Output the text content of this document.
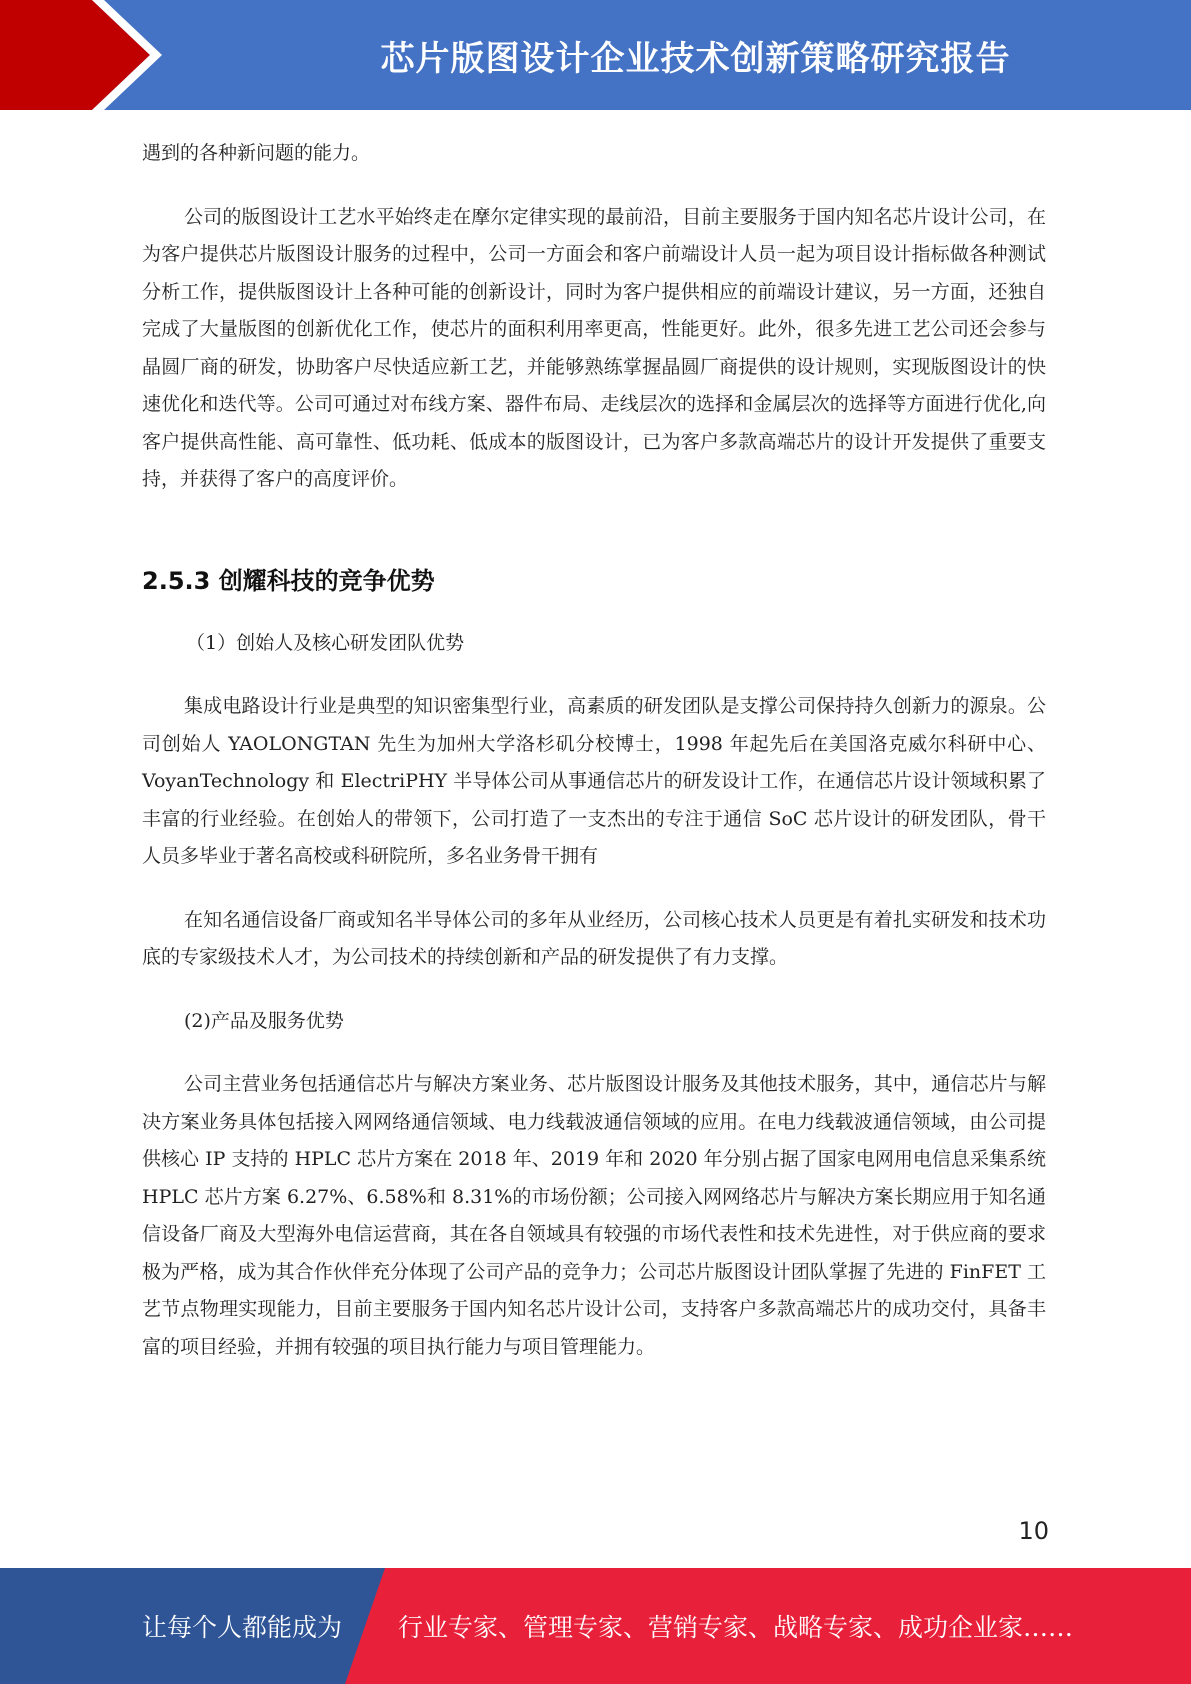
芯片版图设计企业技术创新策略研究报告

遇到的各种新问题的能力。

公司的版图设计工艺水平始终走在摩尔定律实现的最前沿，目前主要服务于国内知名芯片设计公司，在为客户提供芯片版图设计服务的过程中，公司一方面会和客户前端设计人员一起为项目设计指标做各种测试分析工作，提供版图设计上各种可能的创新设计，同时为客户提供相应的前端设计建议，另一方面，还独自完成了大量版图的创新优化工作，使芯片的面积利用率更高，性能更好。此外，很多先进工艺公司还会参与晶圆厂商的研发，协助客户尽快适应新工艺，并能够熟练掌握晶圆厂商提供的设计规则，实现版图设计的快速优化和迭代等。公司可通过对布线方案、器件布局、走线层次的选择和金属层次的选择等方面进行优化,向客户提供高性能、高可靠性、低功耗、低成本的版图设计，已为客户多款高端芯片的设计开发提供了重要支持，并获得了客户的高度评价。

2.5.3 创耀科技的竞争优势

（1）创始人及核心研发团队优势

集成电路设计行业是典型的知识密集型行业，高素质的研发团队是支撑公司保持持久创新力的源泉。公司创始人 YAOLONGTAN 先生为加州大学洛杉矶分校博士，1998 年起先后在美国洛克威尔科研中心、VoyanTechnology 和 ElectriPHY 半导体公司从事通信芯片的研发设计工作，在通信芯片设计领域积累了丰富的行业经验。在创始人的带领下，公司打造了一支杰出的专注于通信 SoC 芯片设计的研发团队，骨干人员多毕业于著名高校或科研院所，多名业务骨干拥有

在知名通信设备厂商或知名半导体公司的多年从业经历，公司核心技术人员更是有着扎实研发和技术功底的专家级技术人才，为公司技术的持续创新和产品的研发提供了有力支撑。

(2)产品及服务优势

公司主营业务包括通信芯片与解决方案业务、芯片版图设计服务及其他技术服务，其中，通信芯片与解决方案业务具体包括接入网网络通信领域、电力线载波通信领域的应用。在电力线载波通信领域，由公司提供核心 IP 支持的 HPLC 芯片方案在 2018 年、2019 年和 2020 年分别占据了国家电网用电信息采集系统 HPLC 芯片方案 6.27%、6.58%和 8.31%的市场份额；公司接入网网络芯片与解决方案长期应用于知名通信设备厂商及大型海外电信运营商，其在各自领域具有较强的市场代表性和技术先进性，对于供应商的要求极为严格，成为其合作伙伴充分体现了公司产品的竞争力；公司芯片版图设计团队掌握了先进的 FinFET 工艺节点物理实现能力，目前主要服务于国内知名芯片设计公司，支持客户多款高端芯片的成功交付，具备丰富的项目经验，并拥有较强的项目执行能力与项目管理能力。

10
让每个人都能成为 行业专家、管理专家、营销专家、战略专家、成功企业家……
